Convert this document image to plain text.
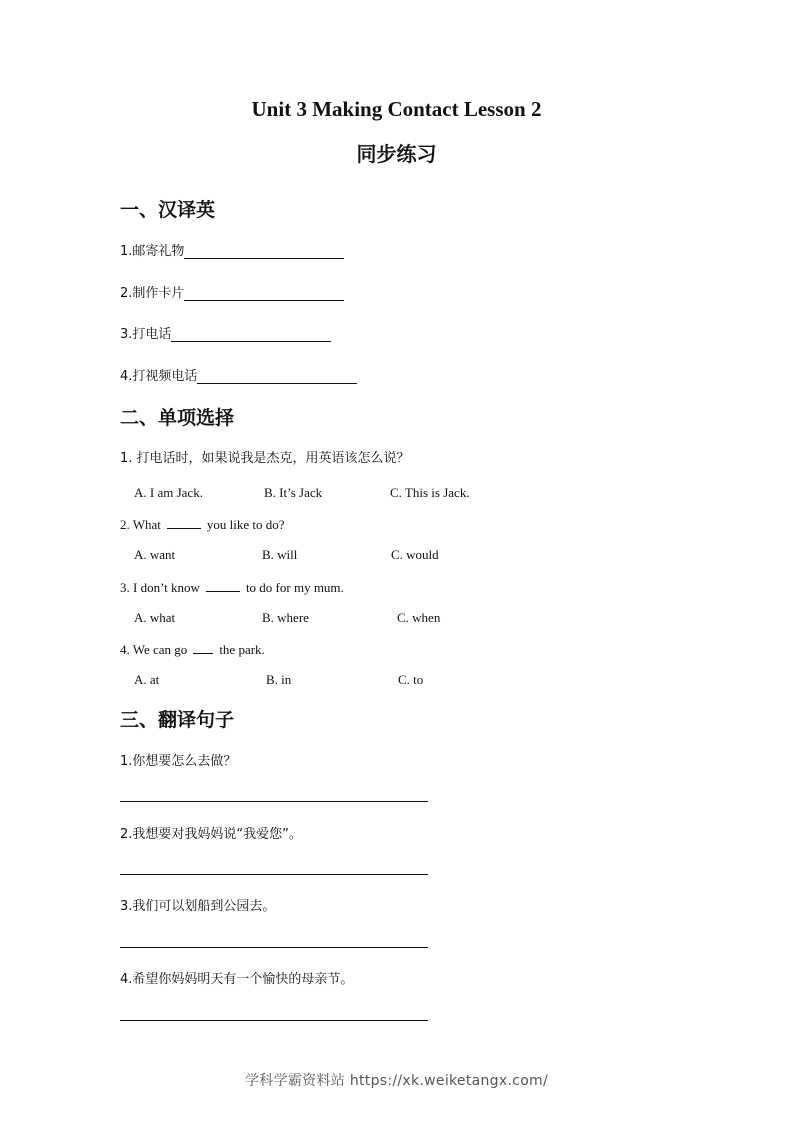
Unit 3 Making Contact Lesson 2
同步练习
一、汉译英
1.邮寄礼物
2.制作卡片
3.打电话
4.打视频电话
二、单项选择
1. 打电话时，如果说我是杰克，用英语该怎么说？
A. I am Jack.	B. It’s Jack	C. This is Jack.
2. What	you like to do?
A. want	B. will	C. would
3. I don’t know	to do for my mum.
A. what	B. where	C. when
4. We can go the park.
A. at	B. in	C. to
三、翻译句子
1.你想要怎么去做？
2.我想要对我妈妈说“我爱您”。
3.我们可以划船到公园去。
4.希望你妈妈明天有一个愉快的母亲节。
学科学霸资料站 https://xk.weiketangx.com/
